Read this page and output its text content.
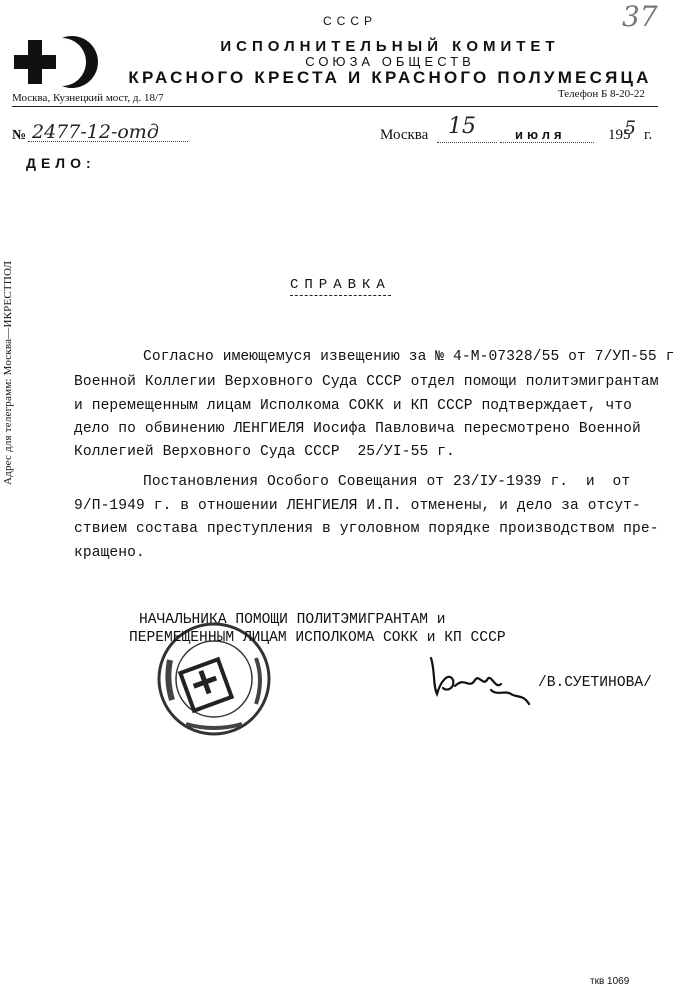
СССР
ИСПОЛНИТЕЛЬНЫЙ КОМИТЕТ
СОЮЗА ОБЩЕСТВ
КРАСНОГО КРЕСТА И КРАСНОГО ПОЛУМЕСЯЦА
Москва, Кузнецкий мост, д. 18/7	Телефон Б 8-20-22
Адрес для телеграмм: Москва—ИКРЕСТПОЛ
37
№ 2477-12-отд	Москва 15	июля	195
5 г.
ДЕЛО:
СПРАВКА
Согласно имеющемуся извещению за № 4-М-07328/55 от 7/УП-55 г
Военной Коллегии Верховного Суда СССР отдел помощи политэмигрантам
и перемещенным лицам Исполкома СОКК и КП СССР подтверждает, что
дело по обвинению ЛЕНГИЕЛЯ Иосифа Павловича пересмотрено Военной
Коллегией Верховного Суда СССР  25/УI-55 г.
Постановления Особого Совещания от 23/IУ-1939 г.  и  от
9/П-1949 г. в отношении ЛЕНГИЕЛЯ И.П. отменены, и дело за отсут-
ствием состава преступления в уголовном порядке производством пре-
кращено.
НАЧАЛЬНИКА ПОМОЩИ ПОЛИТЭМИГРАНТАМ и
ПЕРЕМЕЩЕННЫМ ЛИЦАМ ИСПОЛКОМА СОКК и КП СССР
/В.СУЕТИНОВА/
ткв 1069
